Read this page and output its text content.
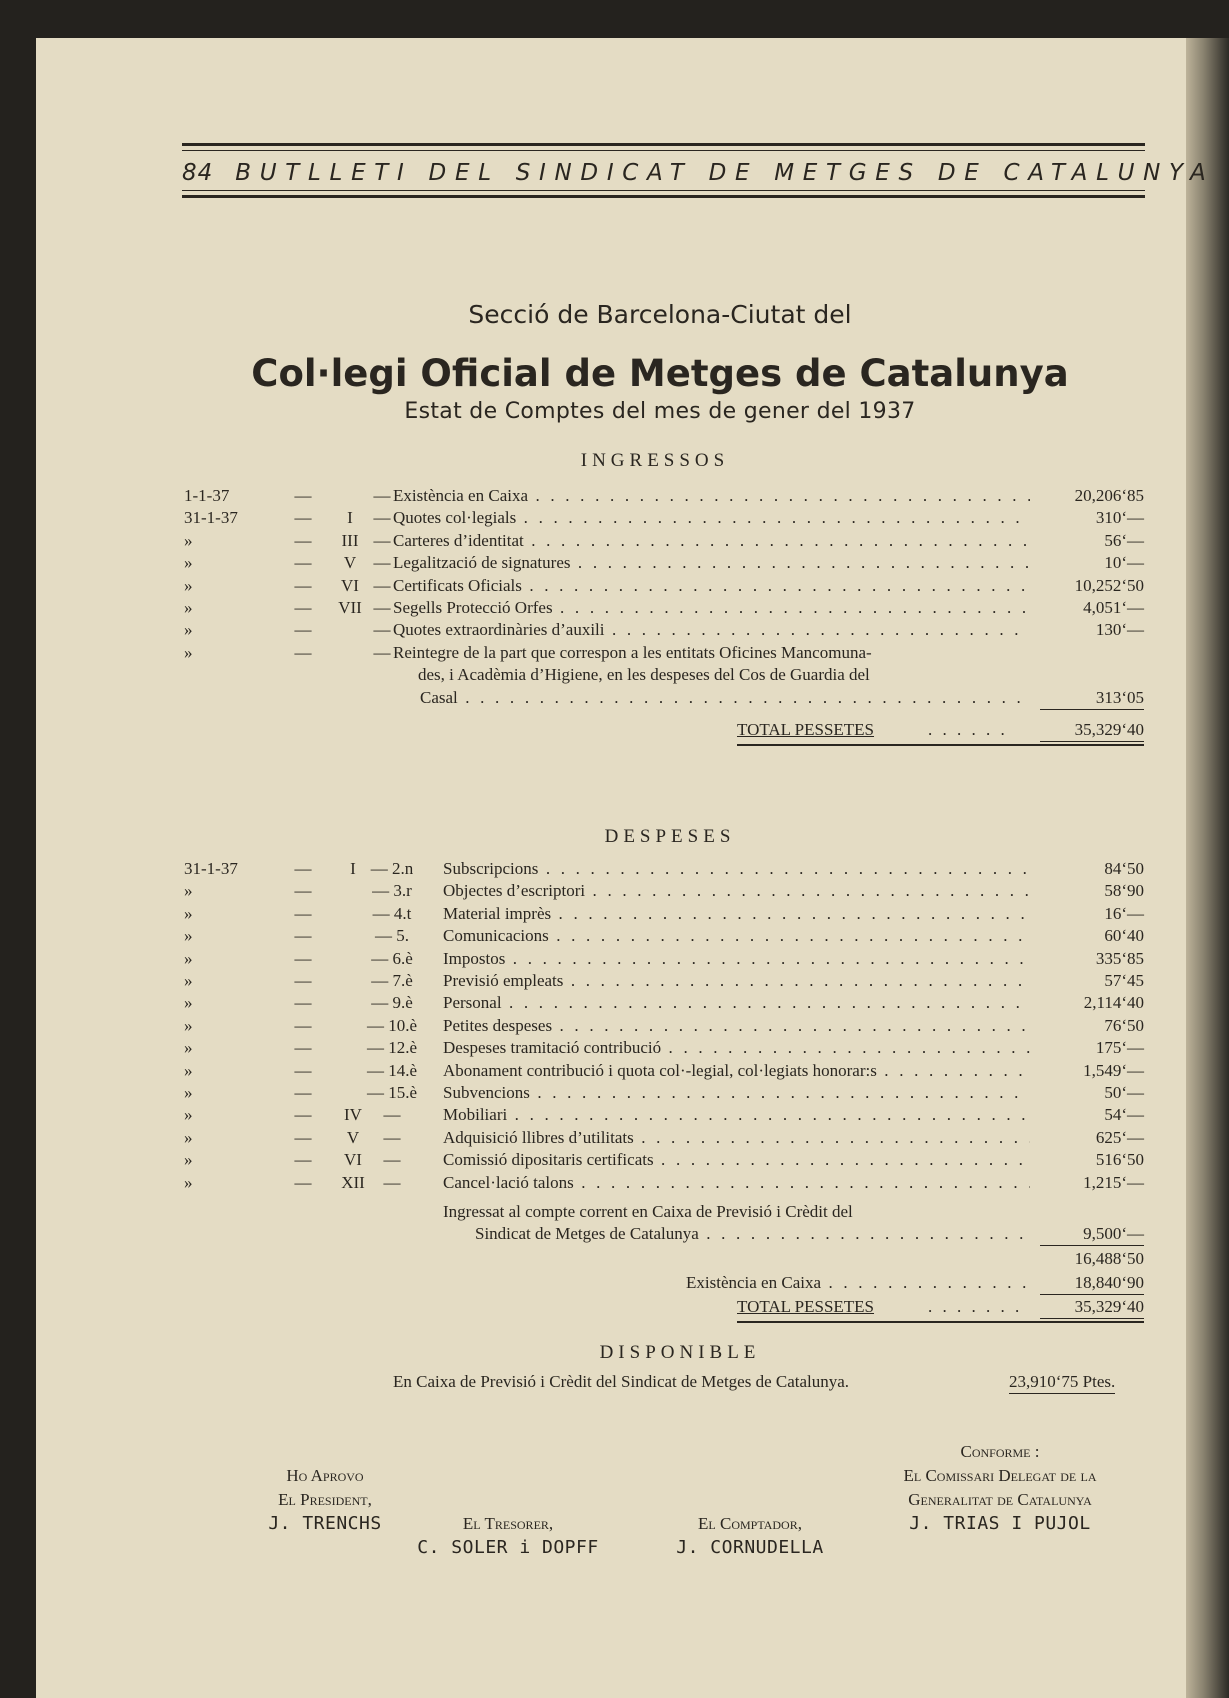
84 BUTLLETI DEL SINDICAT DE METGES DE CATALUNYA
Secció de Barcelona-Ciutat del
Col·legi Oficial de Metges de Catalunya
Estat de Comptes del mes de gener del 1937
INGRESSOS
1-1-37	—	— Existència en Caixa . . .	20,206‘85
31-1-37	—	I	— Quotes col·legials . . .	310‘—
»	—	III — Carteres d’identitat . . .	56‘—
»	—	V	— Legalització de signatures . . .	10‘—
»	—	VI — Certificats Oficials . . .	10,252‘50
»	—	VII — Segells Protecció Orfes . . .	4,051‘—
»	—	— Quotes extraordinàries d’auxili . . .	130‘—
»	—	— Reintegre de la part que correspon a les entitats Oficines Mancomuna-
des, i Acadèmia d’Higiene, en les despeses del Cos de Guardia del
Casal . . .	313‘05
TOTAL PESSETES	. . . . . .	35,329‘40
DESPESES
31-1-37	—	I — 2.n	Subscripcions . . .	84‘50
»	—	— 3.r	Objectes d’escriptori . . .	58‘90
»	—	— 4.t	Material imprès . . .	16‘—
»	—	— 5.	Comunicacions . . .	60‘40
»	—	— 6.è	Impostos . . .	335‘85
»	—	— 7.è	Previsió empleats . . .	57‘45
»	—	— 9.è	Personal . . .	2,114‘40
»	—	— 10.è Petites despeses . . .	76‘50
»	—	— 12.è Despeses tramitació contribució . . .	175‘—
»	—	— 14.è Abonament contribució i quota col·-legial, col·legiats honorar:s . . .	1,549‘—
»	—	— 15.è Subvencions . . .	50‘—
»	—	IV	—	Mobiliari . . .	54‘—
»	—	V	—	Adquisició llibres d’utilitats . . .	625‘—
»	—	VI	—	Comissió dipositaris certificats . . .	516‘50
»	—	XII	—	Cancel·lació talons . . .	1,215‘—
Ingressat al compte corrent en Caixa de Previsió i Crèdit del
Sindicat de Metges de Catalunya . . .	9,500‘—
16,488‘50
Existència en Caixa . . .	18,840‘90
TOTAL PESSETES	. . . . . . .	35,329‘40
DISPONIBLE
En Caixa de Previsió i Crèdit del Sindicat de Metges de Catalunya.	23,910‘75 Ptes.
Ho Aprovo
El President,
J. TRENCHS

	El Tresorer,
C. SOLER i DOPFF

El Comptador,
J. CORNUDELLA
Conforme :
El Comissari Delegat de la
Generalitat de Catalunya
J. TRIAS I PUJOL
